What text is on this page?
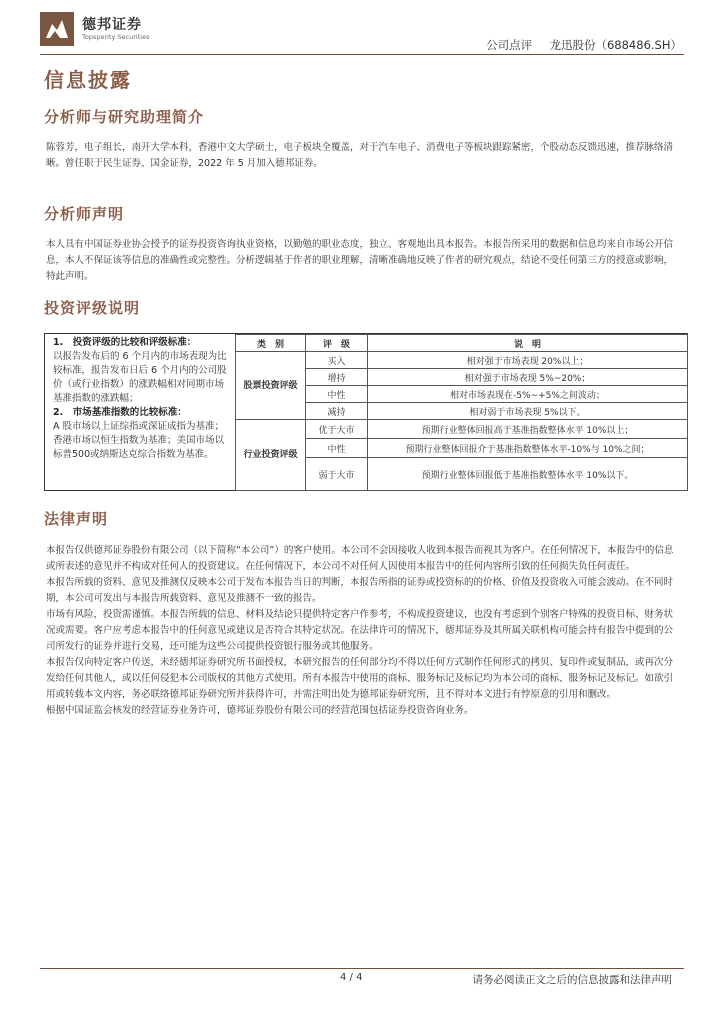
德邦证券
Topsperity Securities
公司点评 龙迅股份（688486.SH）
信息披露
分析师与研究助理简介
陈蓉芳，电子组长，南开大学本科，香港中文大学硕士，电子板块全覆盖，对于汽车电子、消费电子等板块跟踪紧密，个股动态反馈迅速，推荐脉络清晰。曾任职于民生证券、国金证券，2022 年 5 月加入德邦证券。
分析师声明
本人具有中国证券业协会授予的证券投资咨询执业资格，以勤勉的职业态度，独立、客观地出具本报告。本报告所采用的数据和信息均来自市场公开信息，本人不保证该等信息的准确性或完整性。分析逻辑基于作者的职业理解，清晰准确地反映了作者的研究观点，结论不受任何第三方的授意或影响，特此声明。
投资评级说明
1.　投资评级的比较和评级标准：
以报告发布后的 6 个月内的市场表现为比较标准，报告发布日后 6 个月内的公司股价（或行业指数）的涨跌幅相对同期市场基准指数的涨跌幅；
2.　市场基准指数的比较标准：
A 股市场以上证综指或深证成指为基准；香港市场以恒生指数为基准；美国市场以标普500或纳斯达克综合指数为基准。
类　别	评　级	说　明
股票投资评级	买入	相对强于市场表现 20%以上；
	增持	相对强于市场表现 5%~20%；
	中性	相对市场表现在-5%~+5%之间波动；
	减持	相对弱于市场表现 5%以下。
行业投资评级	优于大市	预期行业整体回报高于基准指数整体水平 10%以上；
	中性	预期行业整体回报介于基准指数整体水平-10%与 10%之间；
	弱于大市	预期行业整体回报低于基准指数整体水平 10%以下。
法律声明
本报告仅供德邦证券股份有限公司（以下简称“本公司”）的客户使用。本公司不会因接收人收到本报告而视其为客户。在任何情况下，本报告中的信息或所表述的意见并不构成对任何人的投资建议。在任何情况下，本公司不对任何人因使用本报告中的任何内容所引致的任何损失负任何责任。
本报告所载的资料、意见及推测仅反映本公司于发布本报告当日的判断，本报告所指的证券或投资标的的价格、价值及投资收入可能会波动。在不同时期，本公司可发出与本报告所载资料、意见及推测不一致的报告。
市场有风险，投资需谨慎。本报告所载的信息、材料及结论只提供特定客户作参考，不构成投资建议，也没有考虑到个别客户特殊的投资目标、财务状况或需要。客户应考虑本报告中的任何意见或建议是否符合其特定状况。在法律许可的情况下，德邦证券及其所属关联机构可能会持有报告中提到的公司所发行的证券并进行交易，还可能为这些公司提供投资银行服务或其他服务。
本报告仅向特定客户传送，未经德邦证券研究所书面授权，本研究报告的任何部分均不得以任何方式制作任何形式的拷贝、复印件或复制品，或再次分发给任何其他人，或以任何侵犯本公司版权的其他方式使用。所有本报告中使用的商标、服务标记及标记均为本公司的商标、服务标记及标记。如欲引用或转载本文内容，务必联络德邦证券研究所并获得许可，并需注明出处为德邦证券研究所，且不得对本文进行有悖原意的引用和删改。
根据中国证监会核发的经营证券业务许可，德邦证券股份有限公司的经营范围包括证券投资咨询业务。
4 / 4	请务必阅读正文之后的信息披露和法律声明
